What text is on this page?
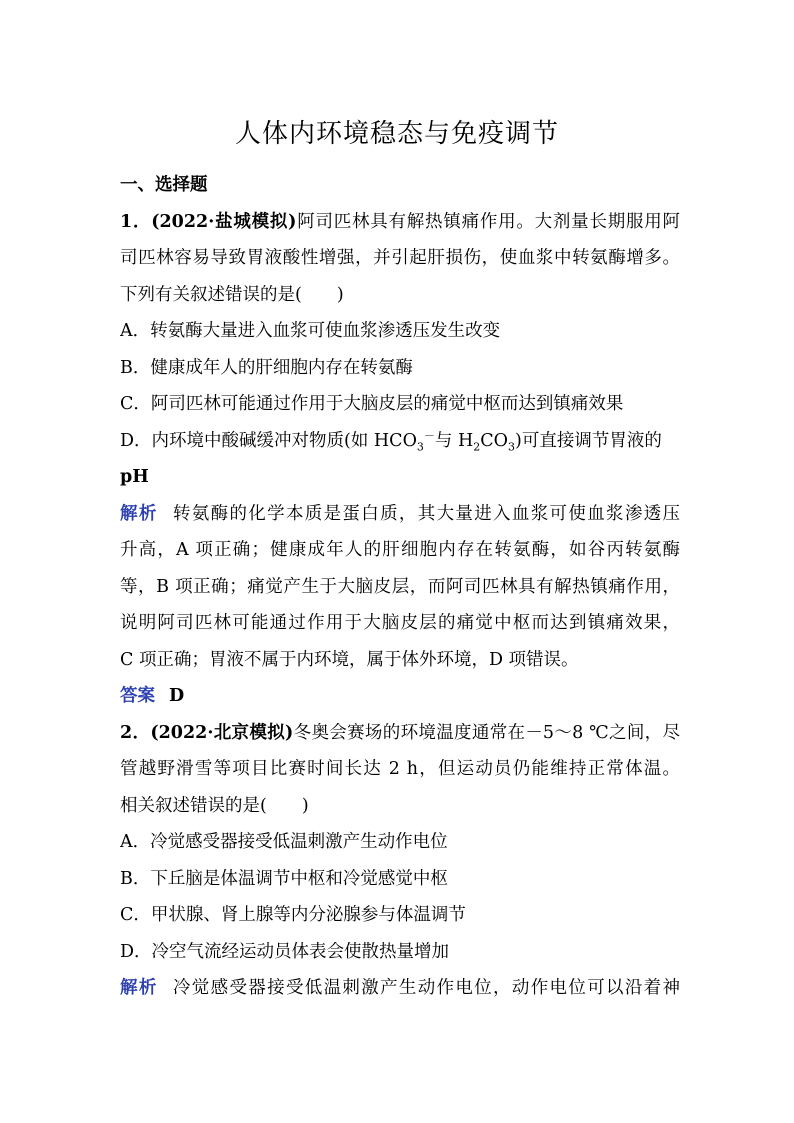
人体内环境稳态与免疫调节
一、选择题
1．(2022·盐城模拟)阿司匹林具有解热镇痛作用。大剂量长期服用阿
司匹林容易导致胃液酸性增强，并引起肝损伤，使血浆中转氨酶增多。
下列有关叙述错误的是(　　)
A．转氨酶大量进入血浆可使血浆渗透压发生改变
B．健康成年人的肝细胞内存在转氨酶
C．阿司匹林可能通过作用于大脑皮层的痛觉中枢而达到镇痛效果
D．内环境中酸碱缓冲对物质(如 $HCO_3^-$与 $H_2CO_3$)可直接调节胃液的
pH
解析 转氨酶的化学本质是蛋白质，其大量进入血浆可使血浆渗透压
升高，A 项正确；健康成年人的肝细胞内存在转氨酶，如谷丙转氨酶
等，B 项正确；痛觉产生于大脑皮层，而阿司匹林具有解热镇痛作用，
说明阿司匹林可能通过作用于大脑皮层的痛觉中枢而达到镇痛效果，
C 项正确；胃液不属于内环境，属于体外环境，D 项错误。
答案 D
2．(2022·北京模拟)冬奥会赛场的环境温度通常在－5～8 ℃之间，尽
管越野滑雪等项目比赛时间长达 2 h，但运动员仍能维持正常体温。
相关叙述错误的是(　　)
A．冷觉感受器接受低温刺激产生动作电位
B．下丘脑是体温调节中枢和冷觉感觉中枢
C．甲状腺、肾上腺等内分泌腺参与体温调节
D．冷空气流经运动员体表会使散热量增加
解析 冷觉感受器接受低温刺激产生动作电位，动作电位可以沿着神
